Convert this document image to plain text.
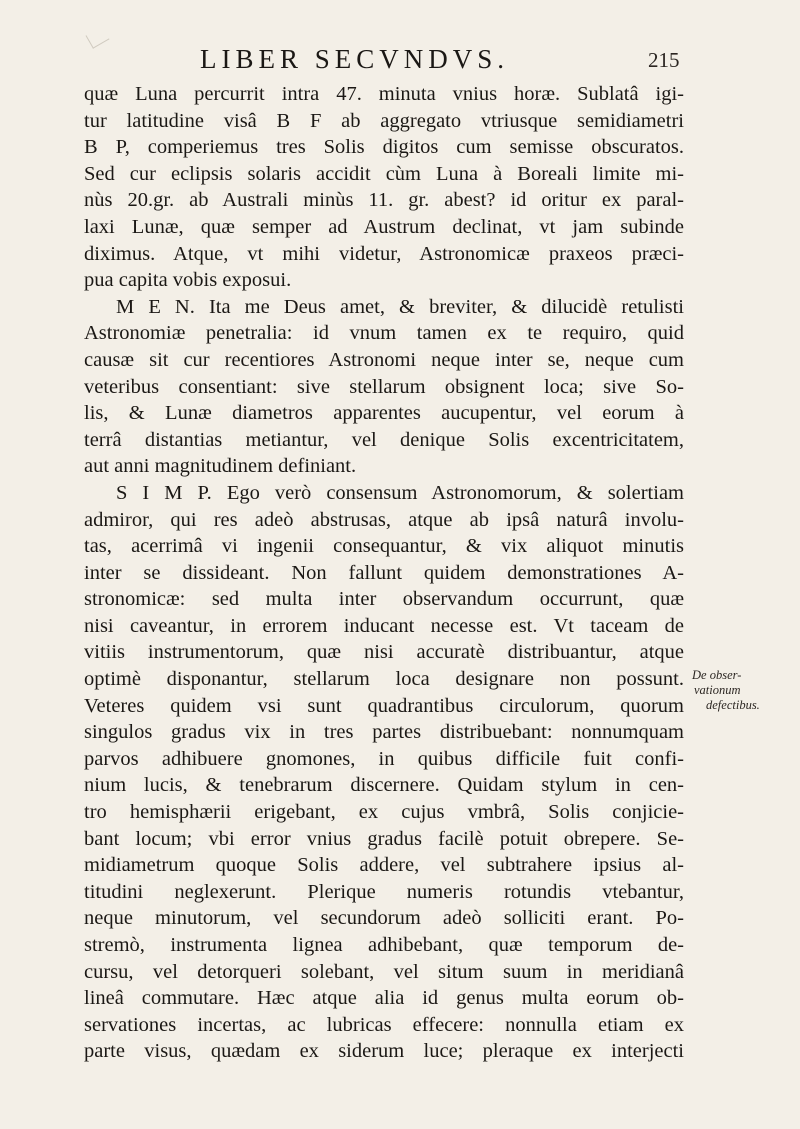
LIBER SECVNDVS.	215
quæ Luna percurrit intra 47. minuta vnius horæ. Sublatâ igi-
tur latitudine visâ B F ab aggregato vtriusque semidiametri
B P, comperiemus tres Solis digitos cum semisse obscuratos.
Sed cur eclipsis solaris accidit cùm Luna à Boreali limite mi-
nùs 20.gr. ab Australi minùs 11. gr. abest? id oritur ex paral-
laxi Lunæ, quæ semper ad Austrum declinat, vt jam subinde
diximus. Atque, vt mihi videtur, Astronomicæ praxeos præci-
pua capita vobis exposui.
M E N. Ita me Deus amet, & breviter, & dilucidè retulisti
Astronomiæ penetralia: id vnum tamen ex te requiro, quid
causæ sit cur recentiores Astronomi neque inter se, neque cum
veteribus consentiant: sive stellarum obsignent loca; sive So-
lis, & Lunæ diametros apparentes aucupentur, vel eorum à
terrâ distantias metiantur, vel denique Solis excentricitatem,
aut anni magnitudinem definiant.
S I M P. Ego verò consensum Astronomorum, & solertiam
admiror, qui res adeò abstrusas, atque ab ipsâ naturâ involu-
tas, acerrimâ vi ingenii consequantur, & vix aliquot minutis
inter se dissideant. Non fallunt quidem demonstrationes A-
stronomicæ: sed multa inter observandum occurrunt, quæ
nisi caveantur, in errorem inducant necesse est. Vt taceam de
vitiis instrumentorum, quæ nisi accuratè distribuantur, atque
optimè disponantur, stellarum loca designare non possunt.
Veteres quidem vsi sunt quadrantibus circulorum, quorum
singulos gradus vix in tres partes distribuebant: nonnumquam
parvos adhibuere gnomones, in quibus difficile fuit confi-
nium lucis, & tenebrarum discernere. Quidam stylum in cen-
tro hemisphærii erigebant, ex cujus vmbrâ, Solis conjicie-
bant locum; vbi error vnius gradus facilè potuit obrepere. Se-
midiametrum quoque Solis addere, vel subtrahere ipsius al-
titudini neglexerunt. Plerique numeris rotundis vtebantur,
neque minutorum, vel secundorum adeò solliciti erant. Po-
stremò, instrumenta lignea adhibebant, quæ temporum de-
cursu, vel detorqueri solebant, vel situm suum in meridianâ
lineâ commutare. Hæc atque alia id genus multa eorum ob-
servationes incertas, ac lubricas effecere: nonnulla etiam ex
parte visus, quædam ex siderum luce; pleraque ex interjecti
De obser-
vationum
defectibus.
